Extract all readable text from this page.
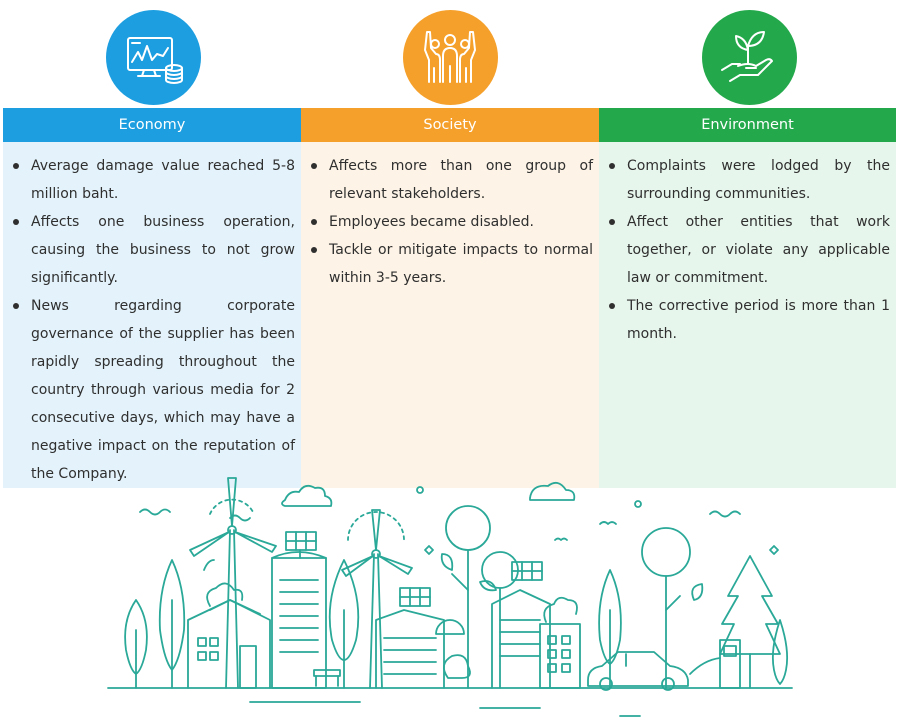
Economy
Average damage value reached 5-8 million baht.
Affects one business operation, causing the business to not grow significantly.
News regarding corporate governance of the supplier has been rapidly spreading throughout the country through various media for 2 consecutive days, which may have a negative impact on the reputation of the Company.
Society
Affects more than one group of relevant stakeholders.
Employees became disabled.
Tackle or mitigate impacts to normal within 3-5 years.
Environment
Complaints were lodged by the surrounding communities.
Affect other entities that work together, or violate any applicable law or commitment.
The corrective period is more than 1 month.
